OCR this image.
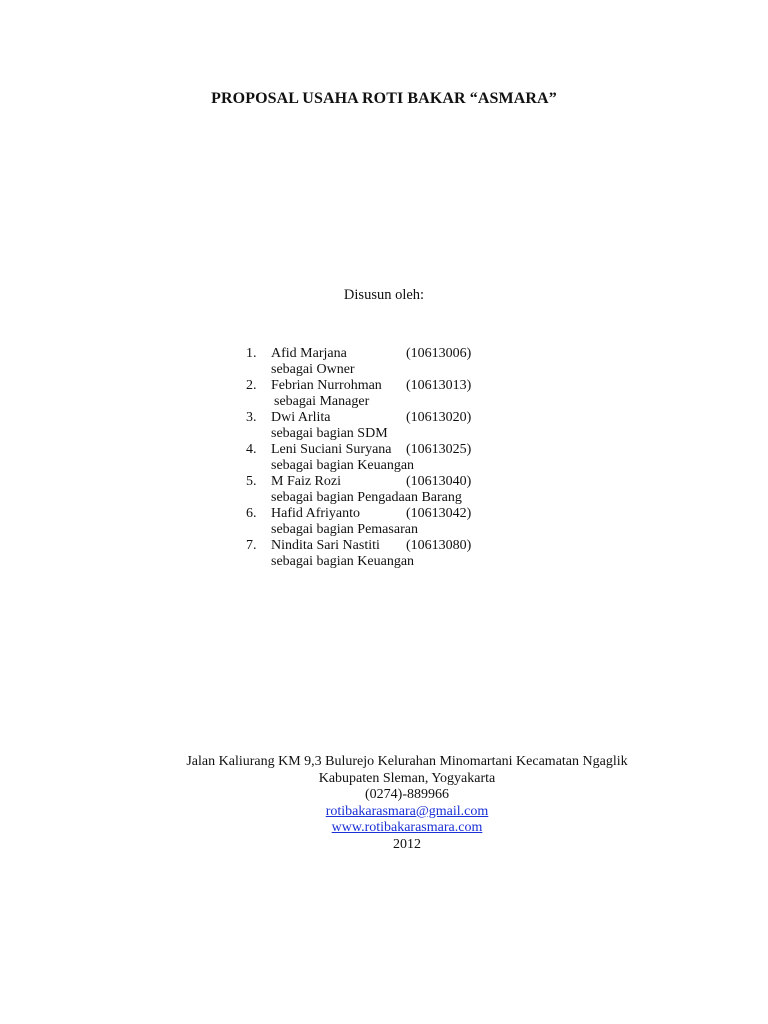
PROPOSAL USAHA ROTI BAKAR “ASMARA”
Disusun oleh:
1. Afid Marjana	(10613006)
sebagai Owner
2. Febrian Nurrohman (10613013)
sebagai Manager
3. Dwi Arlita	(10613020)
sebagai bagian SDM
4. Leni Suciani Suryana (10613025)
sebagai bagian Keuangan
5. M Faiz Rozi	(10613040)
sebagai bagian Pengadaan Barang
6. Hafid Afriyanto	(10613042)
sebagai bagian Pemasaran
7. Nindita Sari Nastiti (10613080)
sebagai bagian Keuangan
Jalan Kaliurang KM 9,3 Bulurejo Kelurahan Minomartani Kecamatan Ngaglik
Kabupaten Sleman, Yogyakarta
(0274)-889966
rotibakarasmara@gmail.com
www.rotibakarasmara.com
2012
